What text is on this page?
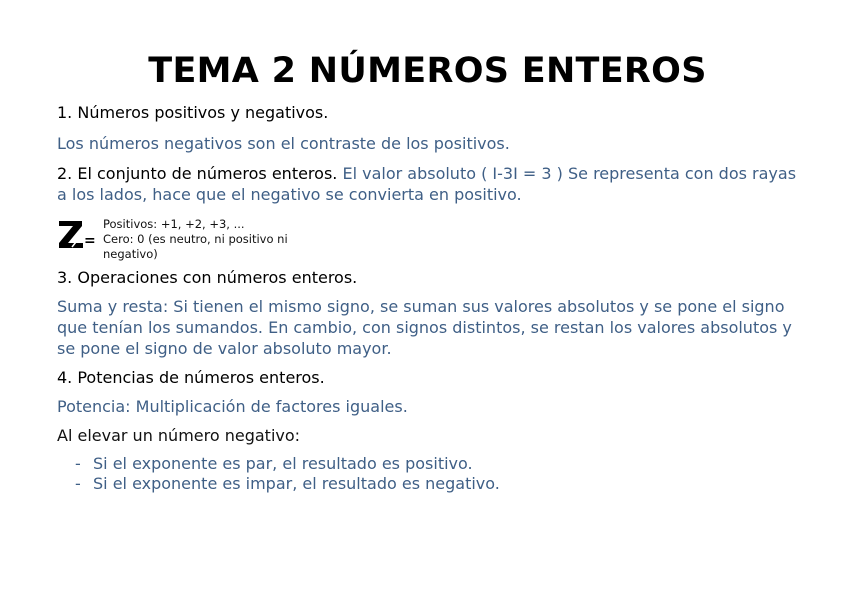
TEMA 2 NÚMEROS ENTEROS

1. Números positivos y negativos.

Los números negativos son el contraste de los positivos.

2. El conjunto de números enteros. El valor absoluto ( I-3I = 3 ) Se representa con dos rayas a los lados, hace que el negativo se convierta en positivo.

=
Positivos: +1, +2, +3, ...
Cero: 0 (es neutro, ni positivo ni
negativo)

3. Operaciones con números enteros.

Suma y resta: Si tienen el mismo signo, se suman sus valores absolutos y se pone el signo que tenían los sumandos. En cambio, con signos distintos, se restan los valores absolutos y se pone el signo de valor absoluto mayor.

4. Potencias de números enteros.

Potencia: Multiplicación de factores iguales.

Al elevar un número negativo:

- Si el exponente es par, el resultado es positivo.
- Si el exponente es impar, el resultado es negativo.
